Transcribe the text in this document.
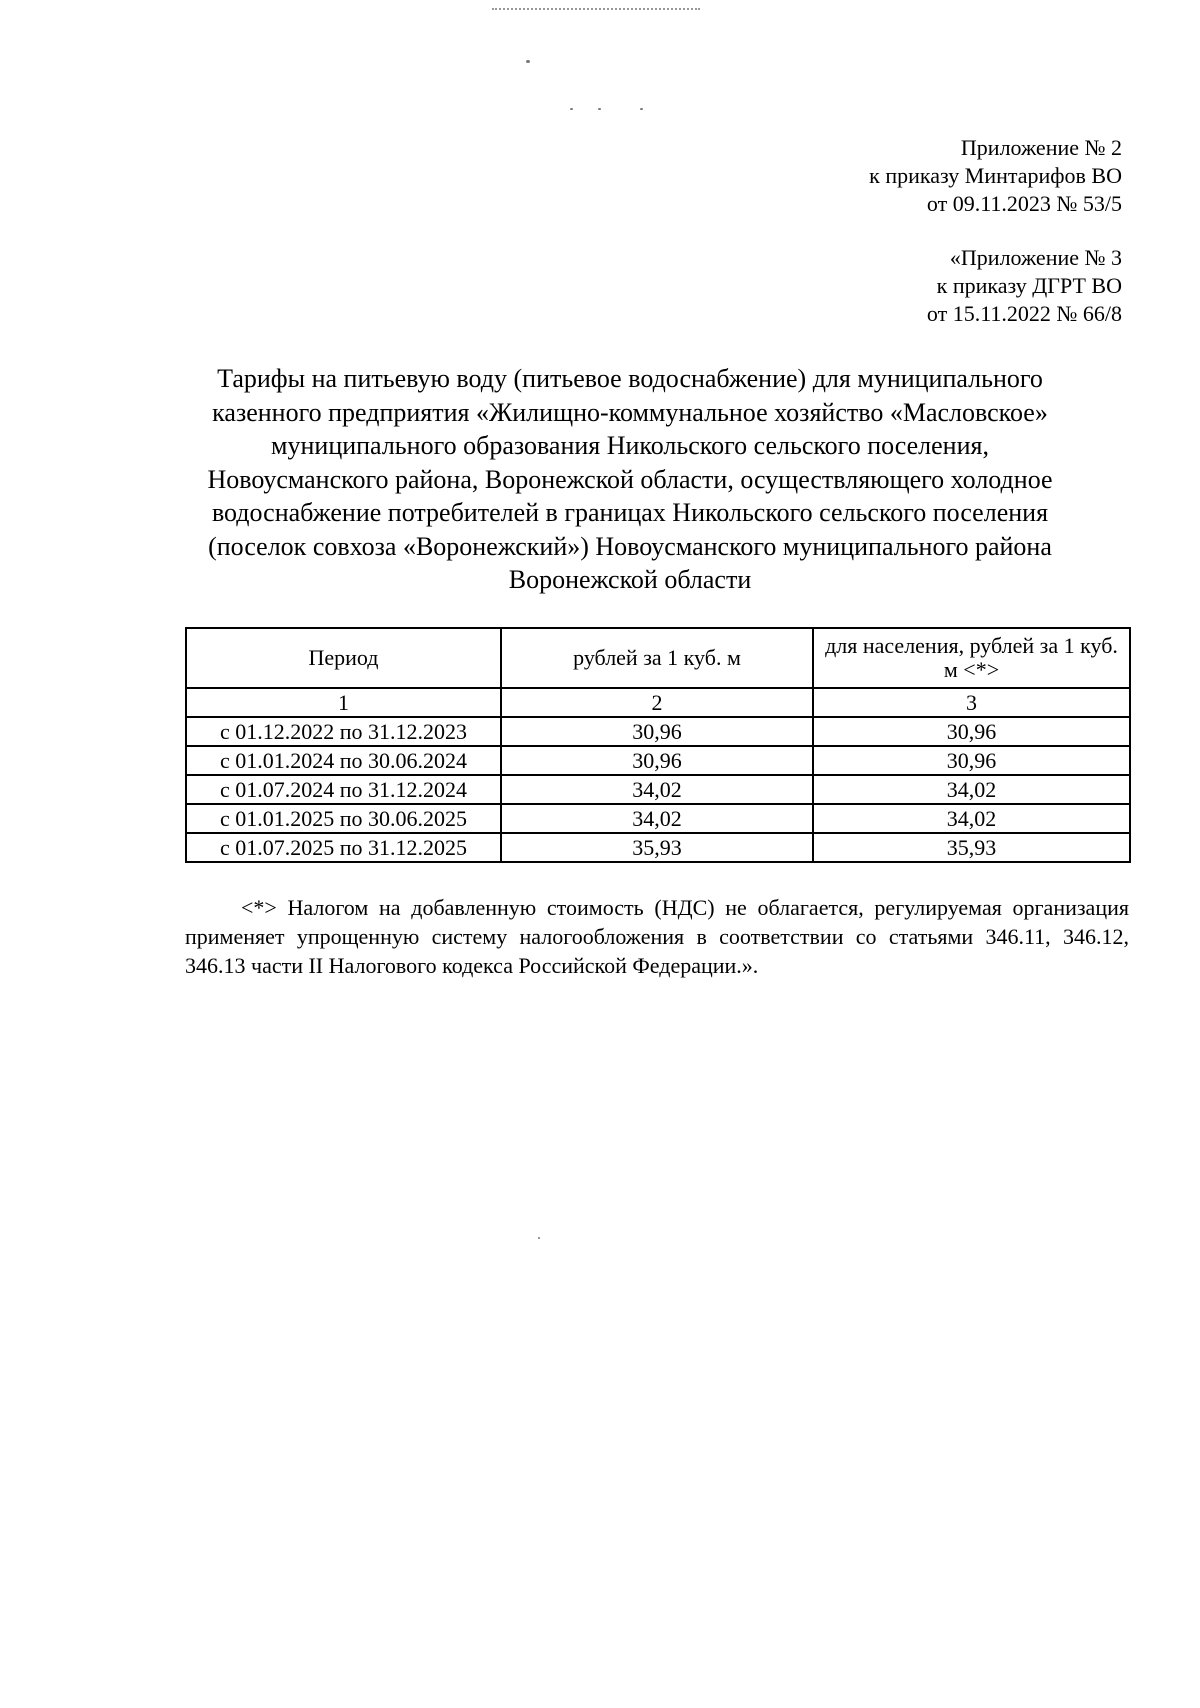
Приложение № 2
к приказу Минтарифов ВО
от 09.11.2023 № 53/5
«Приложение № 3
к приказу ДГРТ ВО
от 15.11.2022 № 66/8
Тарифы на питьевую воду (питьевое водоснабжение) для муниципального
казенного предприятия «Жилищно-коммунальное хозяйство «Масловское»
муниципального образования Никольского сельского поселения,
Новоусманского района, Воронежской области, осуществляющего холодное
водоснабжение потребителей в границах Никольского сельского поселения
(поселок совхоза «Воронежский») Новоусманского муниципального района
Воронежской области
Период	рублей за 1 куб. м	для населения, рублей за 1 куб. м <*>
1	2	3
с 01.12.2022 по 31.12.2023	30,96	30,96
с 01.01.2024 по 30.06.2024	30,96	30,96
с 01.07.2024 по 31.12.2024	34,02	34,02
с 01.01.2025 по 30.06.2025	34,02	34,02
с 01.07.2025 по 31.12.2025	35,93	35,93
<*> Налогом на добавленную стоимость (НДС) не облагается, регулируемая организация применяет упрощенную систему налогообложения в соответствии со статьями 346.11, 346.12, 346.13 части II Налогового кодекса Российской Федерации.».
